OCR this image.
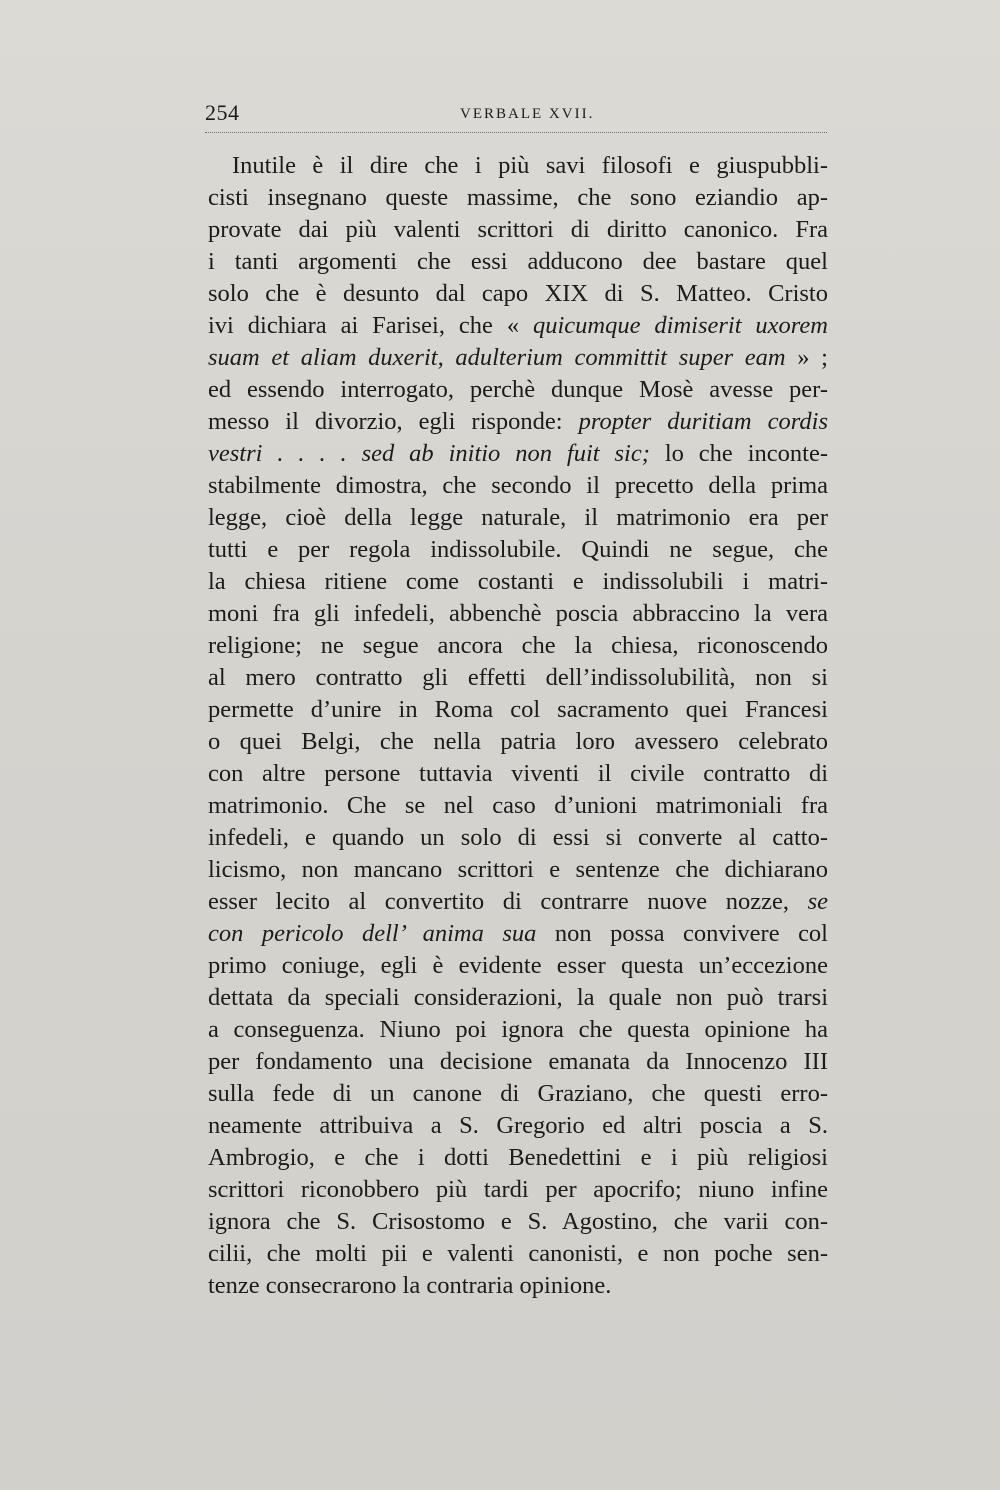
254	VERBALE XVII.
Inutile è il dire che i più savi filosofi e giuspubbli-
cisti insegnano queste massime, che sono eziandio ap-
provate dai più valenti scrittori di diritto canonico. Fra
i tanti argomenti che essi adducono dee bastare quel
solo che è desunto dal capo XIX di S. Matteo. Cristo
ivi dichiara ai Farisei, che « quicumque dimiserit uxorem
suam et aliam duxerit, adulterium committit super eam » ;
ed essendo interrogato, perchè dunque Mosè avesse per-
messo il divorzio, egli risponde: propter duritiam cordis
vestri . . . . sed ab initio non fuit sic; lo che inconte-
stabilmente dimostra, che secondo il precetto della prima
legge, cioè della legge naturale, il matrimonio era per
tutti e per regola indissolubile. Quindi ne segue, che
la chiesa ritiene come costanti e indissolubili i matri-
moni fra gli infedeli, abbenchè poscia abbraccino la vera
religione; ne segue ancora che la chiesa, riconoscendo
al mero contratto gli effetti dell’indissolubilità, non si
permette d’unire in Roma col sacramento quei Francesi
o quei Belgi, che nella patria loro avessero celebrato
con altre persone tuttavia viventi il civile contratto di
matrimonio. Che se nel caso d’unioni matrimoniali fra
infedeli, e quando un solo di essi si converte al catto-
licismo, non mancano scrittori e sentenze che dichiarano
esser lecito al convertito di contrarre nuove nozze, se
con pericolo dell’ anima sua non possa convivere col
primo coniuge, egli è evidente esser questa un’eccezione
dettata da speciali considerazioni, la quale non può trarsi
a conseguenza. Niuno poi ignora che questa opinione ha
per fondamento una decisione emanata da Innocenzo III
sulla fede di un canone di Graziano, che questi erro-
neamente attribuiva a S. Gregorio ed altri poscia a S.
Ambrogio, e che i dotti Benedettini e i più religiosi
scrittori riconobbero più tardi per apocrifo; niuno infine
ignora che S. Crisostomo e S. Agostino, che varii con-
cilii, che molti pii e valenti canonisti, e non poche sen-
tenze consecrarono la contraria opinione.
